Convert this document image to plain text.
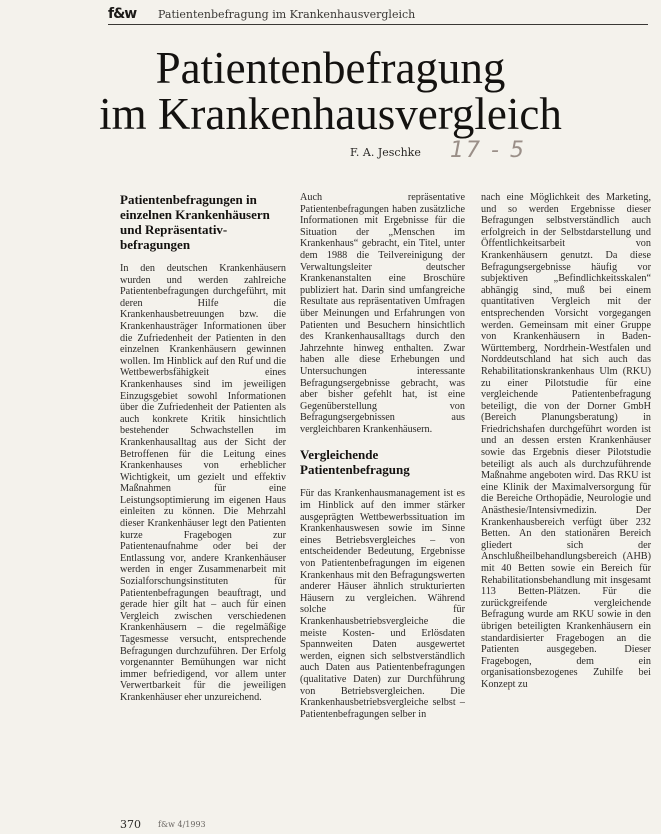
f&w Patientenbefragung im Krankenhausvergleich
Patientenbefragung
im Krankenhausvergleich
F. A. Jeschke 17 - 5
Patientenbefragungen in einzelnen Krankenhäusern und Repräsentativ-befragungen

In den deutschen Krankenhäusern wurden und werden zahlreiche Patientenbefragungen durchgeführt, mit deren Hilfe die Krankenhausbetreuungen bzw. die Krankenhausträger Informationen über die Zufriedenheit der Patienten in den einzelnen Krankenhäusern gewinnen wollen. Im Hinblick auf den Ruf und die Wettbewerbsfähigkeit eines Krankenhauses sind im jeweiligen Einzugsgebiet sowohl Informationen über die Zufriedenheit der Patienten als auch konkrete Kritik hinsichtlich bestehender Schwachstellen im Krankenhausalltag aus der Sicht der Betroffenen für die Leitung eines Krankenhauses von erheblicher Wichtigkeit, um gezielt und effektiv Maßnahmen für eine Leistungsoptimierung im eigenen Haus einleiten zu können. Die Mehrzahl dieser Krankenhäuser legt den Patienten kurze Fragebogen zur Patientenaufnahme oder bei der Entlassung vor, andere Krankenhäuser werden in enger Zusammenarbeit mit Sozialforschungsinstituten für Patientenbefragungen beauftragt, und gerade hier gilt hat – auch für einen Vergleich zwischen verschiedenen Krankenhäusern – die regelmäßige Tagesmesse versucht, entsprechende Befragungen durchzuführen. Der Erfolg vorgenannter Bemühungen war nicht immer befriedigend, vor allem unter Verwertbarkeit für die jeweiligen Krankenhäuser eher unzureichend.

Auch repräsentative Patientenbefragungen haben zusätzliche Informationen mit Ergebnisse für die Situation der „Menschen im Krankenhaus“ gebracht, ein Titel, unter dem 1988 die Teilvereinigung der Verwaltungsleiter deutscher Krankenanstalten eine Broschüre publiziert hat. Darin sind umfangreiche Resultate aus repräsentativen Umfragen über Meinungen und Erfahrungen von Patienten und Besuchern hinsichtlich des Krankenhausalltags durch den Jahrzehnte hinweg enthalten. Zwar haben alle diese Erhebungen und Untersuchungen interessante Befragungsergebnisse gebracht, was aber bisher gefehlt hat, ist eine Gegenüberstellung von Befragungsergebnissen aus vergleichbaren Krankenhäusern.

Vergleichende Patientenbefragung

Für das Krankenhausmanagement ist es im Hinblick auf den immer stärker ausgeprägten Wettbewerbssituation im Krankenhauswesen sowie im Sinne eines Betriebsvergleiches – von entscheidender Bedeutung, Ergebnisse von Patientenbefragungen im eigenen Krankenhaus mit den Befragungswerten anderer Häuser ähnlich strukturierten Häusern zu vergleichen. Während solche für Krankenhausbetriebsvergleiche die meiste Kosten- und Erlösdaten Spannweiten Daten ausgewertet werden, eignen sich selbstverständlich auch Daten aus Patientenbefragungen (qualitative Daten) zur Durchführung von Betriebsvergleichen. Die Krankenhausbetriebsvergleiche selbst – Patientenbefragungen selber in

nach eine Möglichkeit des Marketing, und so werden Ergebnisse dieser Befragungen selbstverständlich auch erfolgreich in der Selbstdarstellung und Öffentlichkeitsarbeit von Krankenhäusern genutzt. Da diese Befragungsergebnisse häufig vor subjektiven „Befindlichkeitsskalen“ abhängig sind, muß bei einem quantitativen Vergleich mit der entsprechenden Vorsicht vorgegangen werden. Gemeinsam mit einer Gruppe von Krankenhäusern in Baden-Württemberg, Nordrhein-Westfalen und Norddeutschland hat sich auch das Rehabilitationskrankenhaus Ulm (RKU) zu einer Pilotstudie für eine vergleichende Patientenbefragung beteiligt, die von der Dorner GmbH (Bereich Planungsberatung) in Friedrichshafen durchgeführt worden ist und an dessen ersten Krankenhäuser sowie das Ergebnis dieser Pilotstudie beteiligt als auch als durchzuführende Maßnahme angeboten wird. Das RKU ist eine Klinik der Maximalversorgung für die Bereiche Orthopädie, Neurologie und Anästhesie/Intensivmedizin. Der Krankenhausbereich verfügt über 232 Betten. An den stationären Bereich gliedert sich der Anschlußheilbehandlungsbereich (AHB) mit 40 Betten sowie ein Bereich für Rehabilitationsbehandlung mit insgesamt 113 Betten-Plätzen. Für die zurückgreifende vergleichende Befragung wurde am RKU sowie in den übrigen beteiligten Krankenhäusern ein standardisierter Fragebogen an die Patienten ausgegeben. Dieser Fragebogen, dem ein organisationsbezogenes Zuhilfe bei Konzept zu

370 f&w 4/1993
